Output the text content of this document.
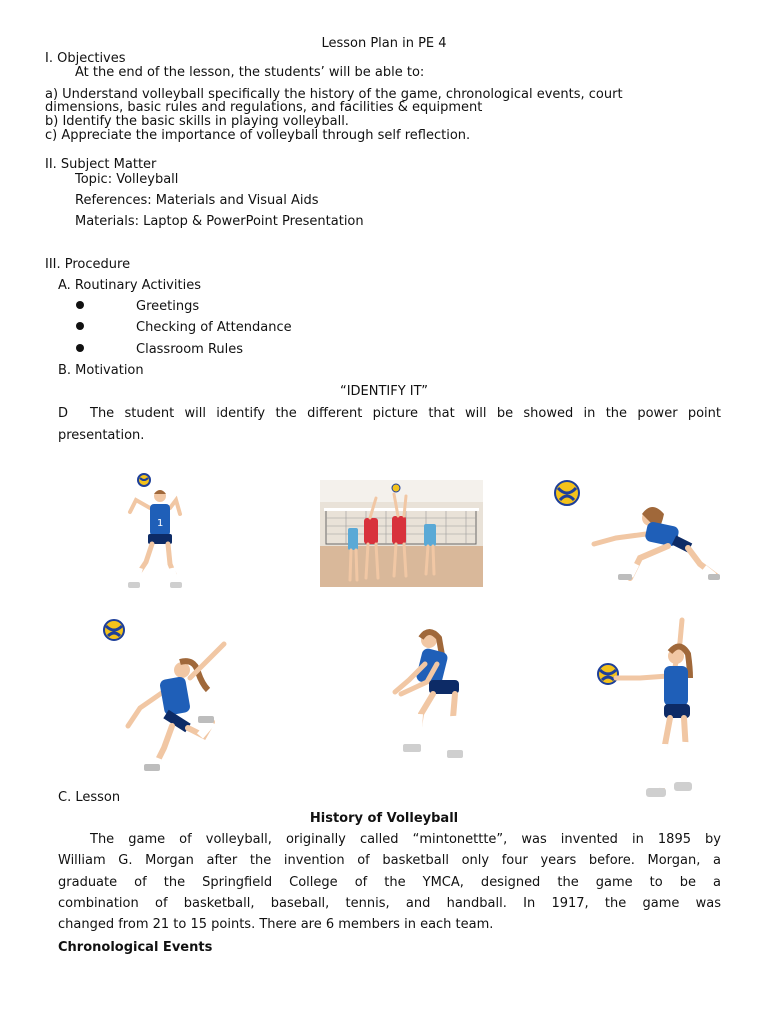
Lesson Plan in PE 4
I. Objectives
At the end of the lesson, the students’ will be able to:
a) Understand volleyball specifically the history of the game, chronological events, court
dimensions, basic rules and regulations, and facilities & equipment
b) Identify the basic skills in playing volleyball.
c) Appreciate the importance of volleyball through self reflection.
II. Subject Matter
Topic: Volleyball
References: Materials and Visual Aids
Materials: Laptop & PowerPoint Presentation
III. Procedure
A. Routinary Activities
Greetings
Checking of Attendance
Classroom Rules
B. Motivation
“IDENTIFY IT”
D The student will identify the different picture that will be showed in the power point
presentation.
1
C. Lesson
History of Volleyball
The game of volleyball, originally called “mintonettte”, was invented in 1895 by
William G. Morgan after the invention of basketball only four years before. Morgan, a
graduate of the Springfield College of the YMCA, designed the game to be a
combination of basketball, baseball, tennis, and handball. In 1917, the game was
changed from 21 to 15 points. There are 6 members in each team.
Chronological Events
